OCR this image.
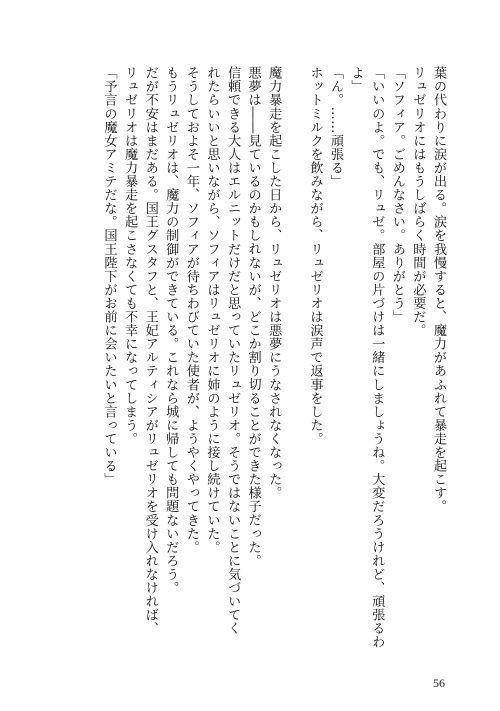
葉の代わりに涙が出る。涙を我慢すると、魔力があふれて暴走を起こす。

リュゼリオにはもうしばらく時間が必要だ。

「ソフィア。ごめんなさい。ありがとう」

「いいのよ。でも、リュゼ。部屋の片づけは一緒にしましょうね。大変だろうけれど、頑張るわ

よ」

「ん。……頑張る」

ホットミルクを飲みながら、リュゼリオは涙声で返事をした。

魔力暴走を起こした日から、リュゼリオは悪夢にうなされなくなった。

悪夢は――見ているのかもしれないが、どこか割り切ることができた様子だった。

信頼できる大人はエルニットだけだと思っていたリュゼリオ。そうではないことに気づいてく

れたらいいと思いながら、ソフィアはリュゼリオに姉のように接し続けていた。

そうしておよそ一年、ソフィアが待ちわびていた使者が、ようやくやってきた。

もうリュゼリオは、魔力の制御ができている。これなら城に帰しても問題ないだろう。

だが不安はまだある。国王グスタフと、王妃アルティシアがリュゼリオを受け入れなければ、

リュゼリオは魔力暴走を起こさなくても不幸になってしまう。

「予言の魔女アミテだな。国王陛下がお前に会いたいと言っている」

56
